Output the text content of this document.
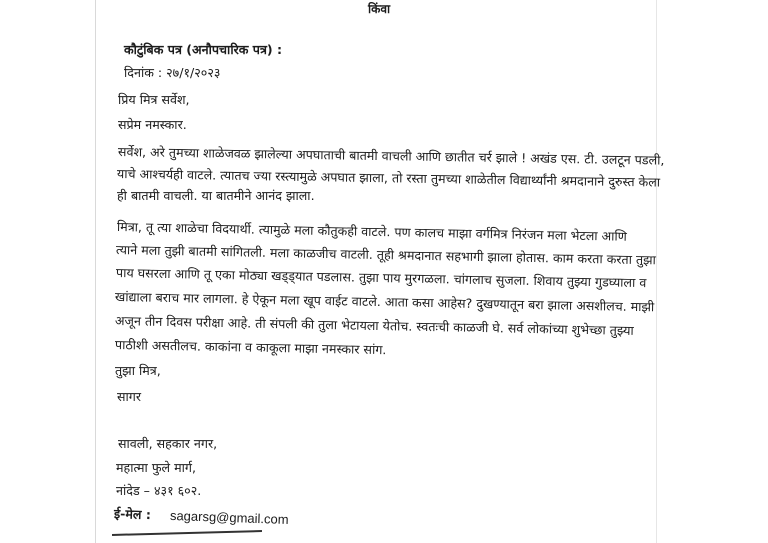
किंवा
कौटुंबिक पत्र (अनौपचारिक पत्र) :
दिनांक : २७/१/२०२३
प्रिय मित्र सर्वेश,
सप्रेम नमस्कार.
सर्वेश, अरे तुमच्या शाळेजवळ झालेल्या अपघाताची बातमी वाचली आणि छातीत चर्र झाले ! अखंड एस. टी. उलटून पडली,
याचे आश्चर्यही वाटले. त्यातच ज्या रस्त्यामुळे अपघात झाला, तो रस्ता तुमच्या शाळेतील विद्यार्थ्यांनी श्रमदानाने दुरुस्त केला
ही बातमी वाचली. या बातमीने आनंद झाला.
मित्रा, तू त्या शाळेचा विदयार्थी. त्यामुळे मला कौतुकही वाटले. पण कालच माझा वर्गमित्र निरंजन मला भेटला आणि
त्याने मला तुझी बातमी सांगितली. मला काळजीच वाटली. तूही श्रमदानात सहभागी झाला होतास. काम करता करता तुझा
पाय घसरला आणि तू एका मोठ्या खड्ड्यात पडलास. तुझा पाय मुरगळला. चांगलाच सुजला. शिवाय तुझ्या गुडघ्याला व
खांद्याला बराच मार लागला. हे ऐकून मला खूप वाईट वाटले. आता कसा आहेस? दुखण्यातून बरा झाला असशीलच. माझी
अजून तीन दिवस परीक्षा आहे. ती संपली की तुला भेटायला येतोच. स्वतःची काळजी घे. सर्व लोकांच्या शुभेच्छा तुझ्या
पाठीशी असतीलच. काकांना व काकूला माझा नमस्कार सांग.
तुझा मित्र,
सागर
सावली, सहकार नगर,
महात्मा फुले मार्ग,
नांदेड – ४३१ ६०२.
ई-मेल : sagarsg@gmail.com
